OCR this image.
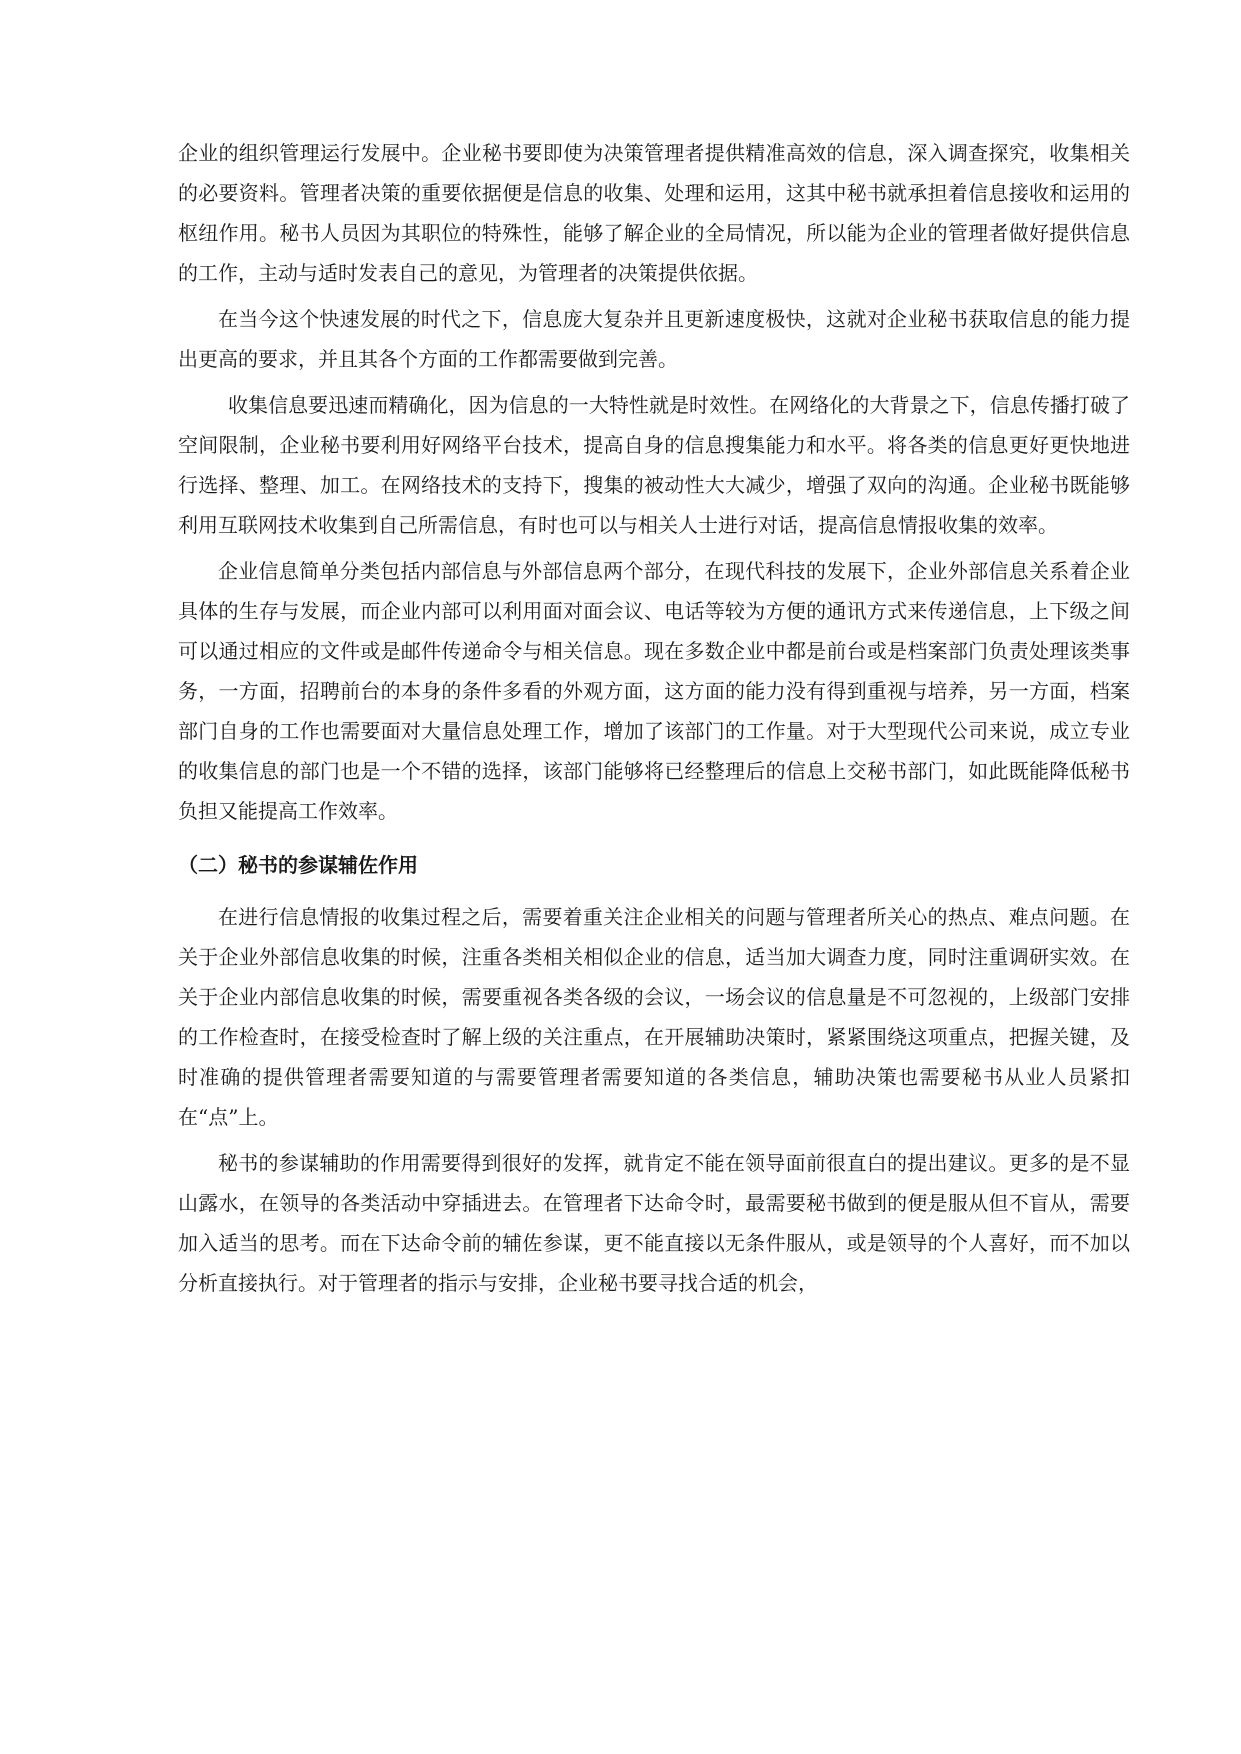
企业的组织管理运行发展中。企业秘书要即使为决策管理者提供精准高效的信息，深入调查探究，收集相关的必要资料。管理者决策的重要依据便是信息的收集、处理和运用，这其中秘书就承担着信息接收和运用的枢纽作用。秘书人员因为其职位的特殊性，能够了解企业的全局情况，所以能为企业的管理者做好提供信息的工作，主动与适时发表自己的意见，为管理者的决策提供依据。

在当今这个快速发展的时代之下，信息庞大复杂并且更新速度极快，这就对企业秘书获取信息的能力提出更高的要求，并且其各个方面的工作都需要做到完善。

收集信息要迅速而精确化，因为信息的一大特性就是时效性。在网络化的大背景之下，信息传播打破了空间限制，企业秘书要利用好网络平台技术，提高自身的信息搜集能力和水平。将各类的信息更好更快地进行选择、整理、加工。在网络技术的支持下，搜集的被动性大大减少，增强了双向的沟通。企业秘书既能够利用互联网技术收集到自己所需信息，有时也可以与相关人士进行对话，提高信息情报收集的效率。

企业信息简单分类包括内部信息与外部信息两个部分，在现代科技的发展下，企业外部信息关系着企业具体的生存与发展，而企业内部可以利用面对面会议、电话等较为方便的通讯方式来传递信息，上下级之间可以通过相应的文件或是邮件传递命令与相关信息。现在多数企业中都是前台或是档案部门负责处理该类事务，一方面，招聘前台的本身的条件多看的外观方面，这方面的能力没有得到重视与培养，另一方面，档案部门自身的工作也需要面对大量信息处理工作，增加了该部门的工作量。对于大型现代公司来说，成立专业的收集信息的部门也是一个不错的选择，该部门能够将已经整理后的信息上交秘书部门，如此既能降低秘书负担又能提高工作效率。

（二）秘书的参谋辅佐作用

在进行信息情报的收集过程之后，需要着重关注企业相关的问题与管理者所关心的热点、难点问题。在关于企业外部信息收集的时候，注重各类相关相似企业的信息，适当加大调查力度，同时注重调研实效。在关于企业内部信息收集的时候，需要重视各类各级的会议，一场会议的信息量是不可忽视的，上级部门安排的工作检查时，在接受检查时了解上级的关注重点，在开展辅助决策时，紧紧围绕这项重点，把握关键，及时准确的提供管理者需要知道的与需要管理者需要知道的各类信息，辅助决策也需要秘书从业人员紧扣在“点”上。

秘书的参谋辅助的作用需要得到很好的发挥，就肯定不能在领导面前很直白的提出建议。更多的是不显山露水，在领导的各类活动中穿插进去。在管理者下达命令时，最需要秘书做到的便是服从但不盲从，需要加入适当的思考。而在下达命令前的辅佐参谋，更不能直接以无条件服从，或是领导的个人喜好，而不加以分析直接执行。对于管理者的指示与安排，企业秘书要寻找合适的机会，
